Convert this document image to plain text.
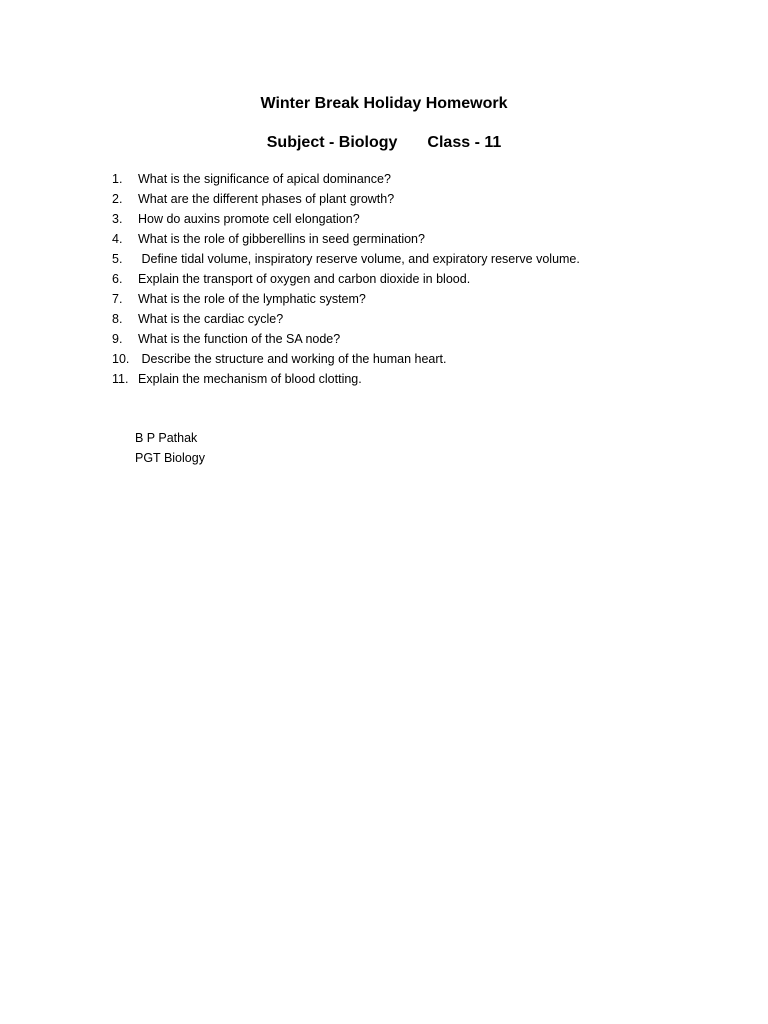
Winter Break Holiday Homework
Subject - Biology Class - 11
1. What is the significance of apical dominance?
2. What are the different phases of plant growth?
3. How do auxins promote cell elongation?
4. What is the role of gibberellins in seed germination?
5. Define tidal volume, inspiratory reserve volume, and expiratory reserve volume.
6. Explain the transport of oxygen and carbon dioxide in blood.
7. What is the role of the lymphatic system?
8. What is the cardiac cycle?
9. What is the function of the SA node?
10. Describe the structure and working of the human heart.
11. Explain the mechanism of blood clotting.
B P Pathak
PGT Biology
